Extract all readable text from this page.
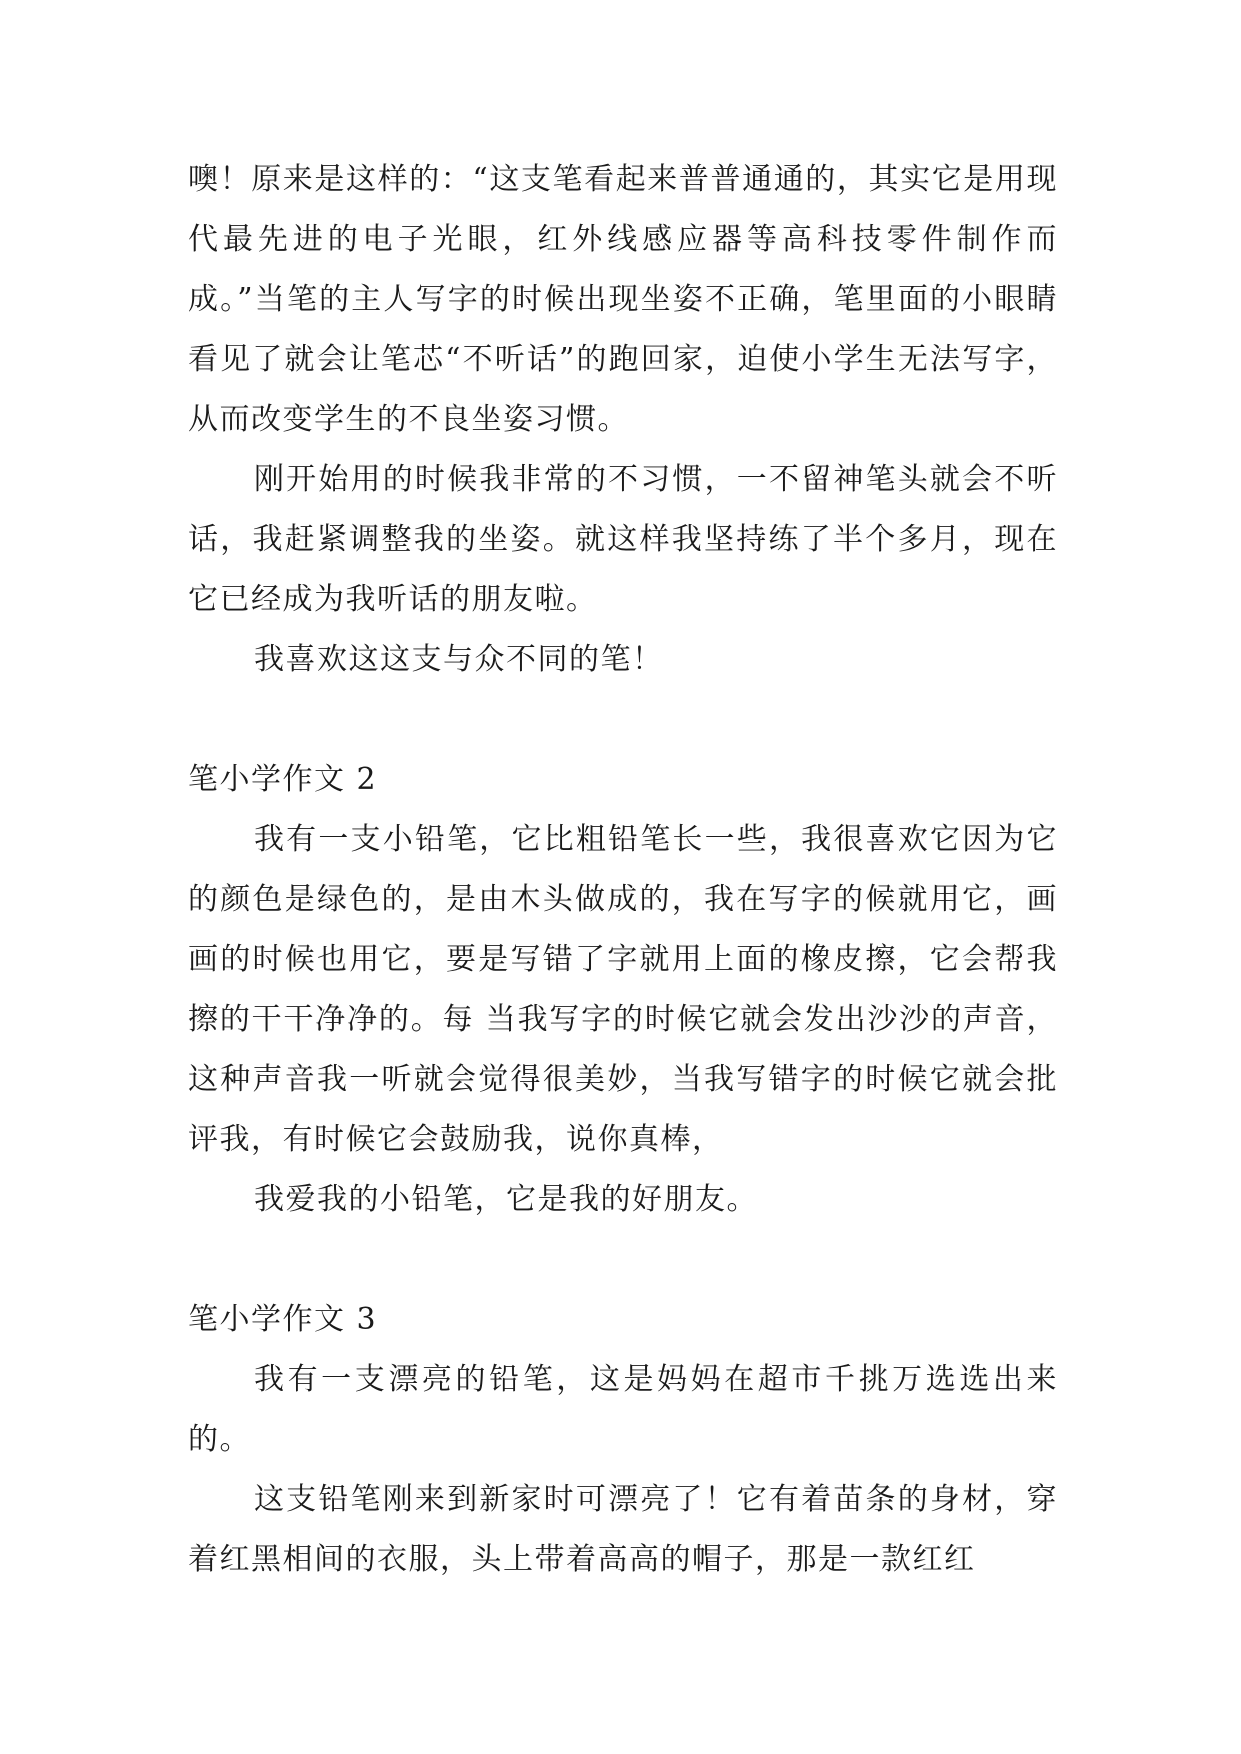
噢！原来是这样的：“这支笔看起来普普通通的，其实它是用现代最先进的电子光眼，红外线感应器等高科技零件制作而成。”当笔的主人写字的时候出现坐姿不正确，笔里面的小眼睛看见了就会让笔芯“不听话”的跑回家，迫使小学生无法写字，从而改变学生的不良坐姿习惯。

刚开始用的时候我非常的不习惯，一不留神笔头就会不听话，我赶紧调整我的坐姿。就这样我坚持练了半个多月，现在它已经成为我听话的朋友啦。

我喜欢这这支与众不同的笔！

笔小学作文 2

我有一支小铅笔，它比粗铅笔长一些，我很喜欢它因为它的颜色是绿色的，是由木头做成的，我在写字的候就用它，画画的时候也用它，要是写错了字就用上面的橡皮擦，它会帮我擦的干干净净的。每 当我写字的时候它就会发出沙沙的声音，这种声音我一听就会觉得很美妙，当我写错字的时候它就会批评我，有时候它会鼓励我，说你真棒，

我爱我的小铅笔，它是我的好朋友。

笔小学作文 3

我有一支漂亮的铅笔，这是妈妈在超市千挑万选选出来的。

这支铅笔刚来到新家时可漂亮了！它有着苗条的身材，穿着红黑相间的衣服，头上带着高高的帽子，那是一款红红
